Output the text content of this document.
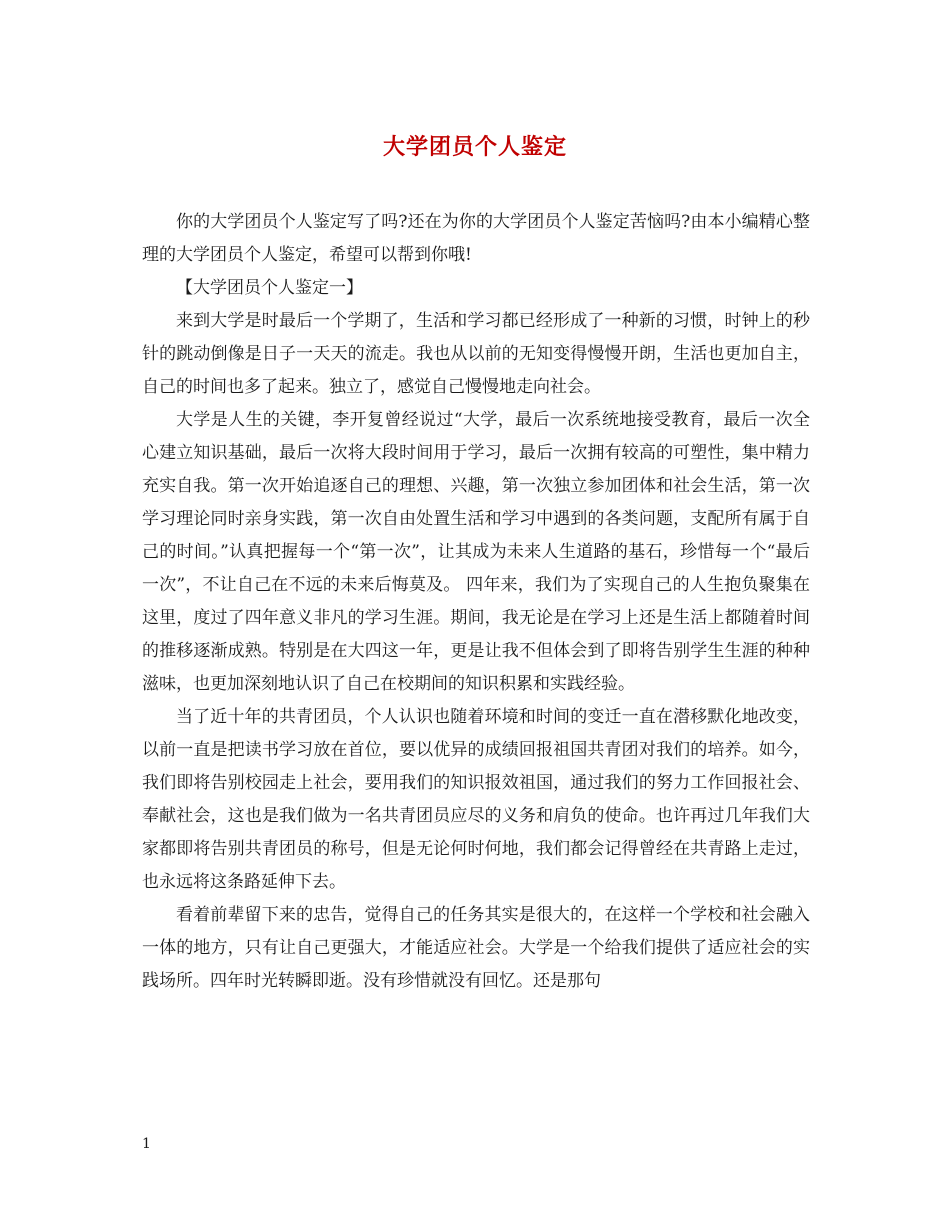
大学团员个人鉴定

你的大学团员个人鉴定写了吗?还在为你的大学团员个人鉴定苦恼吗?由本小编精心整理的大学团员个人鉴定，希望可以帮到你哦!

【大学团员个人鉴定一】

来到大学是时最后一个学期了，生活和学习都已经形成了一种新的习惯，时钟上的秒针的跳动倒像是日子一天天的流走。我也从以前的无知变得慢慢开朗，生活也更加自主，自己的时间也多了起来。独立了，感觉自己慢慢地走向社会。

大学是人生的关键，李开复曾经说过“大学，最后一次系统地接受教育，最后一次全心建立知识基础，最后一次将大段时间用于学习，最后一次拥有较高的可塑性，集中精力充实自我。第一次开始追逐自己的理想、兴趣，第一次独立参加团体和社会生活，第一次学习理论同时亲身实践，第一次自由处置生活和学习中遇到的各类问题，支配所有属于自己的时间。”认真把握每一个“第一次”，让其成为未来人生道路的基石，珍惜每一个“最后一次”，不让自己在不远的未来后悔莫及。 四年来，我们为了实现自己的人生抱负聚集在这里，度过了四年意义非凡的学习生涯。期间，我无论是在学习上还是生活上都随着时间的推移逐渐成熟。特别是在大四这一年，更是让我不但体会到了即将告别学生生涯的种种滋味，也更加深刻地认识了自己在校期间的知识积累和实践经验。

当了近十年的共青团员，个人认识也随着环境和时间的变迁一直在潜移默化地改变，以前一直是把读书学习放在首位，要以优异的成绩回报祖国共青团对我们的培养。如今，我们即将告别校园走上社会，要用我们的知识报效祖国，通过我们的努力工作回报社会、奉献社会，这也是我们做为一名共青团员应尽的义务和肩负的使命。也许再过几年我们大家都即将告别共青团员的称号，但是无论何时何地，我们都会记得曾经在共青路上走过，也永远将这条路延伸下去。

看着前辈留下来的忠告，觉得自己的任务其实是很大的，在这样一个学校和社会融入一体的地方，只有让自己更强大，才能适应社会。大学是一个给我们提供了适应社会的实践场所。四年时光转瞬即逝。没有珍惜就没有回忆。还是那句

1
